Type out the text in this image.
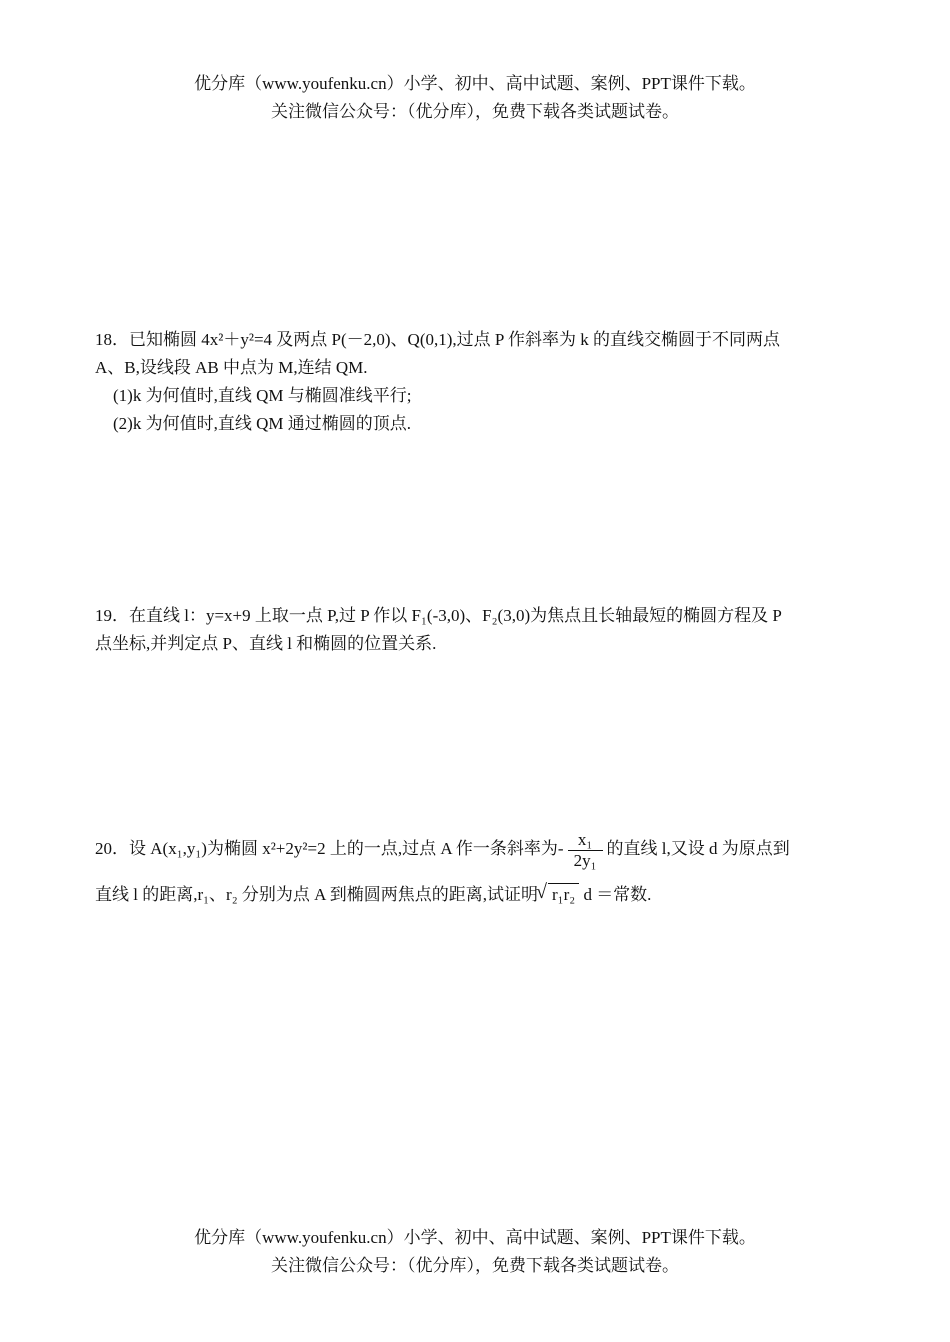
优分库（www.youfenku.cn）小学、初中、高中试题、案例、PPT课件下载。
关注微信公众号：（优分库），免费下载各类试题试卷。

18．已知椭圆 4x²＋y²=4 及两点 P(－2,0)、Q(0,1),过点 P 作斜率为 k 的直线交椭圆于不同两点

A、B,设线段 AB 中点为 M,连结 QM.

(1)k 为何值时,直线 QM 与椭圆准线平行;

(2)k 为何值时,直线 QM 通过椭圆的顶点.

19．在直线 l：y=x+9 上取一点 P,过 P 作以 F₁(-3,0)、F₂(3,0)为焦点且长轴最短的椭圆方程及 P

点坐标,并判定点 P、直线 l 和椭圆的位置关系.

20．设 A(x₁,y₁)为椭圆 x²+2y²=2 上的一点,过点 A 作一条斜率为- $\frac{\text{x₁}}{\text{2y₁}}$ 的直线 l,又设 d 为原点到

直线 l 的距离,r₁、r₂ 分别为点 A 到椭圆两焦点的距离,试证明√ r₁r₂ d ＝常数.

优分库（www.youfenku.cn）小学、初中、高中试题、案例、PPT课件下载。
关注微信公众号：（优分库），免费下载各类试题试卷。
